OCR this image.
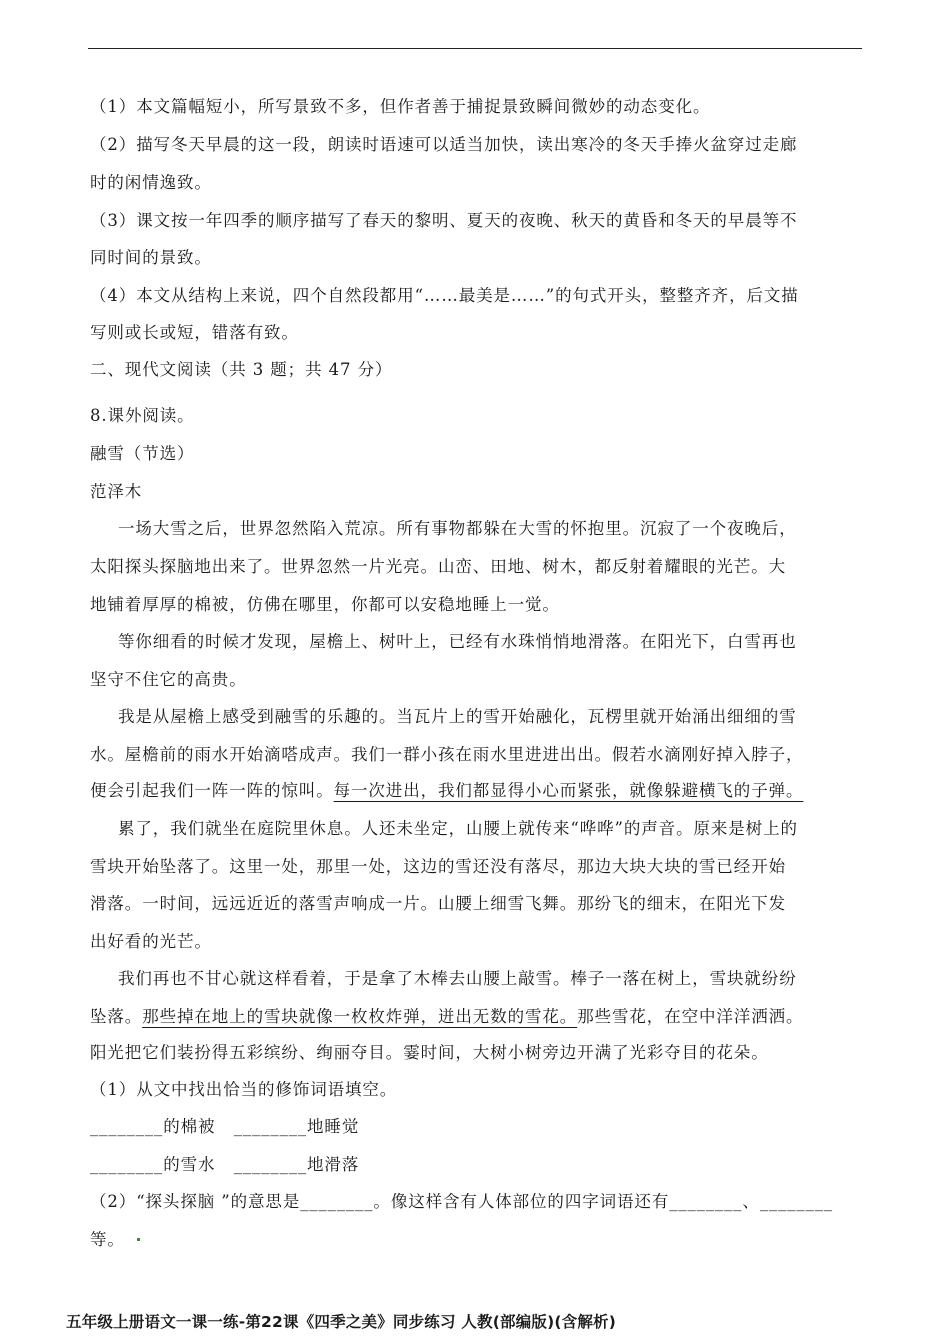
（1）本文篇幅短小，所写景致不多，但作者善于捕捉景致瞬间微妙的动态变化。
（2）描写冬天早晨的这一段，朗读时语速可以适当加快，读出寒冷的冬天手捧火盆穿过走廊
时的闲情逸致。
（3）课文按一年四季的顺序描写了春天的黎明、夏天的夜晚、秋天的黄昏和冬天的早晨等不
同时间的景致。
（4）本文从结构上来说，四个自然段都用“……最美是……”的句式开头，整整齐齐，后文描
写则或长或短，错落有致。
二、现代文阅读（共 3 题；共 47 分）
8.课外阅读。
融雪（节选）
范泽木
一场大雪之后，世界忽然陷入荒凉。所有事物都躲在大雪的怀抱里。沉寂了一个夜晚后，
太阳探头探脑地出来了。世界忽然一片光亮。山峦、田地、树木，都反射着耀眼的光芒。大
地铺着厚厚的棉被，仿佛在哪里，你都可以安稳地睡上一觉。
等你细看的时候才发现，屋檐上、树叶上，已经有水珠悄悄地滑落。在阳光下，白雪再也
坚守不住它的高贵。
我是从屋檐上感受到融雪的乐趣的。当瓦片上的雪开始融化，瓦楞里就开始涌出细细的雪
水。屋檐前的雨水开始滴嗒成声。我们一群小孩在雨水里进进出出。假若水滴刚好掉入脖子，
便会引起我们一阵一阵的惊叫。每一次进出，我们都显得小心而紧张，就像躲避横飞的子弹。
累了，我们就坐在庭院里休息。人还未坐定，山腰上就传来“哗哗”的声音。原来是树上的
雪块开始坠落了。这里一处，那里一处，这边的雪还没有落尽，那边大块大块的雪已经开始
滑落。一时间，远远近近的落雪声响成一片。山腰上细雪飞舞。那纷飞的细末，在阳光下发
出好看的光芒。
我们再也不甘心就这样看着，于是拿了木棒去山腰上敲雪。棒子一落在树上，雪块就纷纷
坠落。那些掉在地上的雪块就像一枚枚炸弹，迸出无数的雪花。那些雪花，在空中洋洋洒洒。
阳光把它们装扮得五彩缤纷、绚丽夺目。霎时间，大树小树旁边开满了光彩夺目的花朵。
（1）从文中找出恰当的修饰词语填空。
________的棉被   ________地睡觉
________的雪水   ________地滑落
（2）“探头探脑 ”的意思是________。像这样含有人体部位的四字词语还有________、________
等。
五年级上册语文一课一练-第22课《四季之美》同步练习 人教(部编版)(含解析)
